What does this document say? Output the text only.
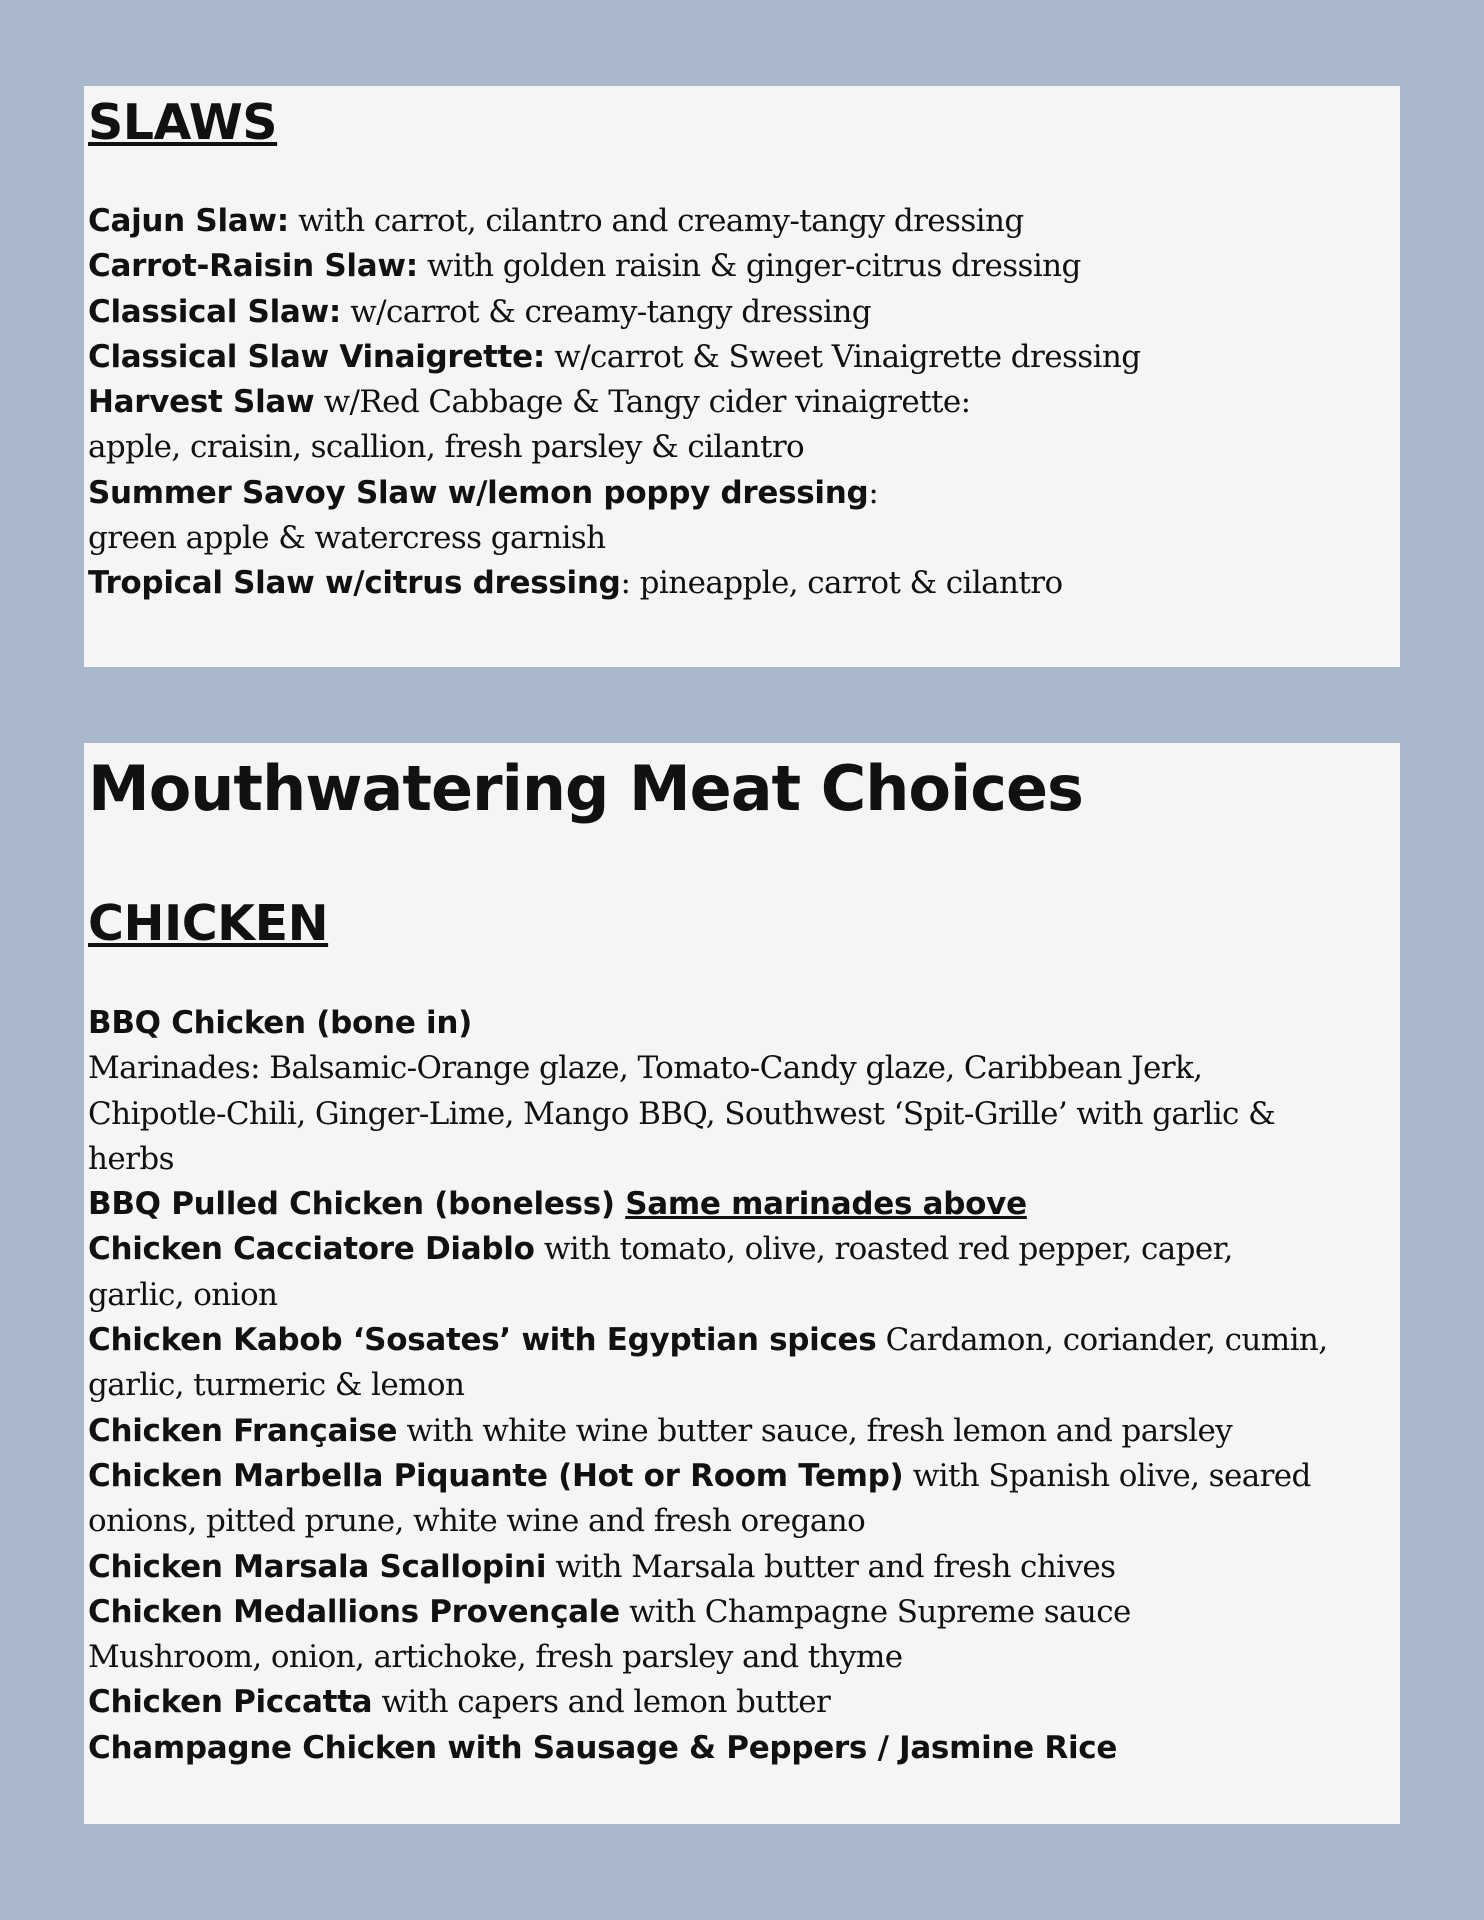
SLAWS
Cajun Slaw: with carrot, cilantro and creamy-tangy dressing
Carrot-Raisin Slaw: with golden raisin & ginger-citrus dressing
Classical Slaw: w/carrot & creamy-tangy dressing
Classical Slaw Vinaigrette: w/carrot & Sweet Vinaigrette dressing
Harvest Slaw w/Red Cabbage & Tangy cider vinaigrette:
apple, craisin, scallion, fresh parsley & cilantro
Summer Savoy Slaw w/lemon poppy dressing:
green apple & watercress garnish
Tropical Slaw w/citrus dressing: pineapple, carrot & cilantro
Mouthwatering Meat Choices
CHICKEN
BBQ Chicken (bone in)
Marinades: Balsamic-Orange glaze, Tomato-Candy glaze, Caribbean Jerk,
Chipotle-Chili, Ginger-Lime, Mango BBQ, Southwest ‘Spit-Grille’ with garlic &
herbs
BBQ Pulled Chicken (boneless) Same marinades above
Chicken Cacciatore Diablo with tomato, olive, roasted red pepper, caper,
garlic, onion
Chicken Kabob ‘Sosates’ with Egyptian spices Cardamon, coriander, cumin,
garlic, turmeric & lemon
Chicken Française with white wine butter sauce, fresh lemon and parsley
Chicken Marbella Piquante (Hot or Room Temp) with Spanish olive, seared
onions, pitted prune, white wine and fresh oregano
Chicken Marsala Scallopini with Marsala butter and fresh chives
Chicken Medallions Provençale with Champagne Supreme sauce
Mushroom, onion, artichoke, fresh parsley and thyme
Chicken Piccatta with capers and lemon butter
Champagne Chicken with Sausage & Peppers / Jasmine Rice
